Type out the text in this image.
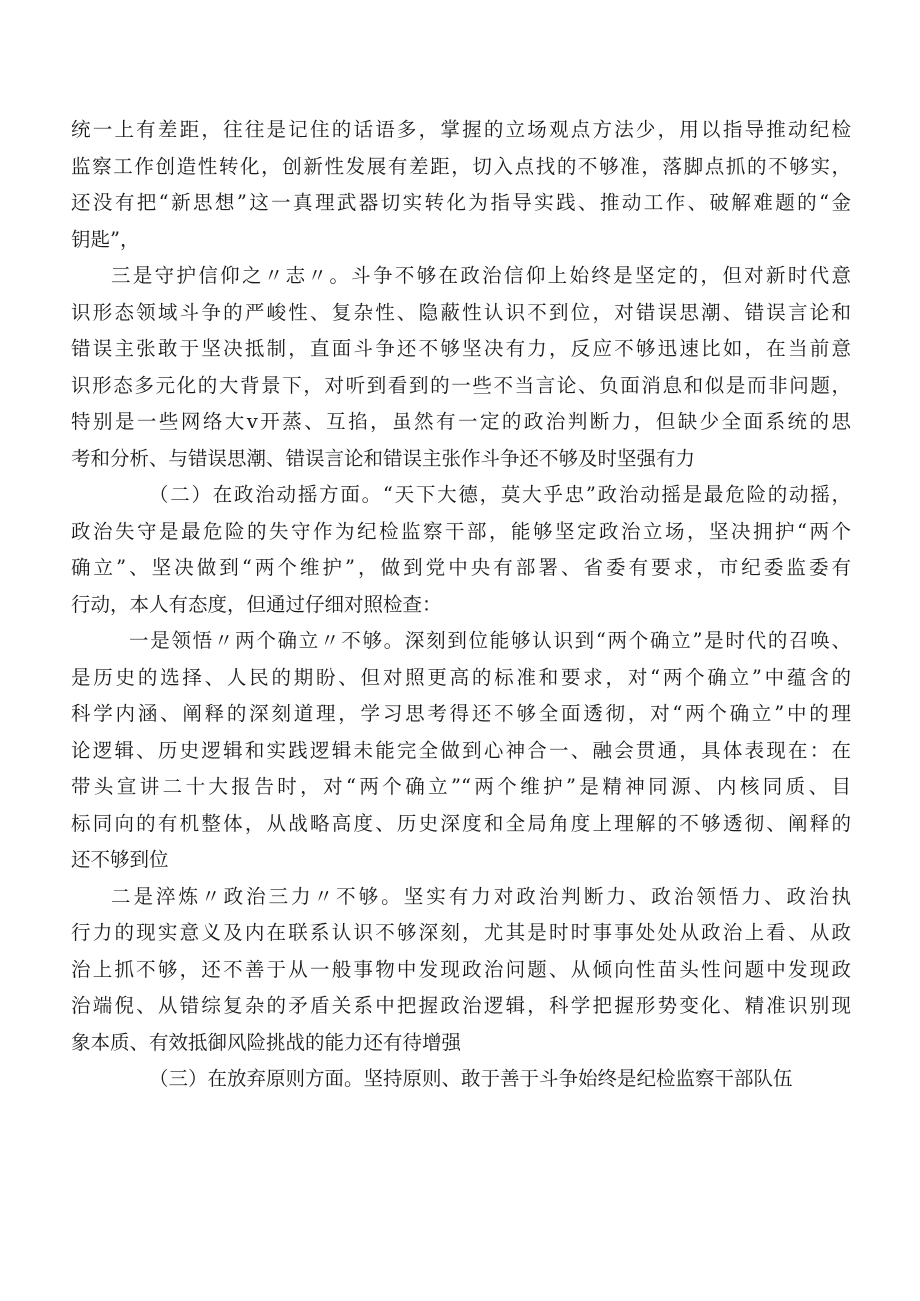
统一上有差距，往往是记住的话语多，掌握的立场观点方法少，用以指导推动纪检
监察工作创造性转化，创新性发展有差距，切入点找的不够准，落脚点抓的不够实，
还没有把“新思想”这一真理武器切实转化为指导实践、推动工作、破解难题的“金
钥匙”，
三是守护信仰之〃志〃。斗争不够在政治信仰上始终是坚定的，但对新时代意
识形态领域斗争的严峻性、复杂性、隐蔽性认识不到位，对错误思潮、错误言论和
错误主张敢于坚决抵制，直面斗争还不够坚决有力，反应不够迅速比如，在当前意
识形态多元化的大背景下，对听到看到的一些不当言论、负面消息和似是而非问题，
特别是一些网络大v开蒸、互掐，虽然有一定的政治判断力，但缺少全面系统的思
考和分析、与错误思潮、错误言论和错误主张作斗争还不够及时坚强有力
（二）在政治动摇方面。“天下大德，莫大乎忠”政治动摇是最危险的动摇，
政治失守是最危险的失守作为纪检监察干部，能够坚定政治立场，坚决拥护“两个
确立”、坚决做到“两个维护”，做到党中央有部署、省委有要求，市纪委监委有
行动，本人有态度，但通过仔细对照检查：
一是领悟〃两个确立〃不够。深刻到位能够认识到“两个确立”是时代的召唤、
是历史的选择、人民的期盼、但对照更高的标准和要求，对“两个确立”中蕴含的
科学内涵、阐释的深刻道理，学习思考得还不够全面透彻，对“两个确立”中的理
论逻辑、历史逻辑和实践逻辑未能完全做到心神合一、融会贯通，具体表现在：在
带头宣讲二十大报告时，对“两个确立”“两个维护”是精神同源、内核同质、目
标同向的有机整体，从战略高度、历史深度和全局角度上理解的不够透彻、阐释的
还不够到位
二是淬炼〃政治三力〃不够。坚实有力对政治判断力、政治领悟力、政治执
行力的现实意义及内在联系认识不够深刻，尤其是时时事事处处从政治上看、从政
治上抓不够，还不善于从一般事物中发现政治问题、从倾向性苗头性问题中发现政
治端倪、从错综复杂的矛盾关系中把握政治逻辑，科学把握形势变化、精准识别现
象本质、有效抵御风险挑战的能力还有待增强
（三）在放弃原则方面。坚持原则、敢于善于斗争始终是纪检监察干部队伍
